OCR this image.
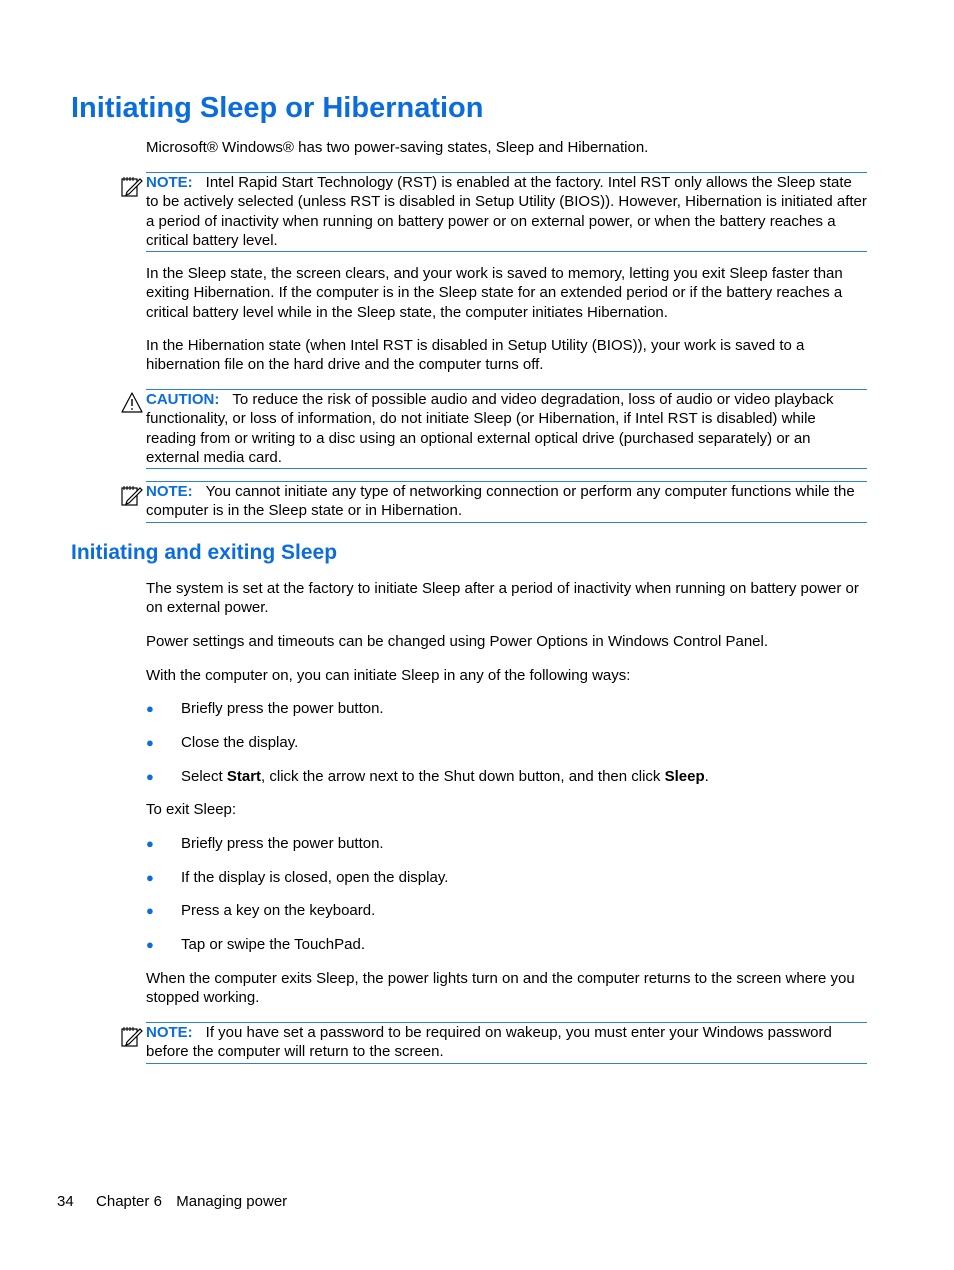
Initiating Sleep or Hibernation

Microsoft® Windows® has two power-saving states, Sleep and Hibernation.

NOTE: Intel Rapid Start Technology (RST) is enabled at the factory. Intel RST only allows the Sleep state to be actively selected (unless RST is disabled in Setup Utility (BIOS)). However, Hibernation is initiated after a period of inactivity when running on battery power or on external power, or when the battery reaches a critical battery level.

In the Sleep state, the screen clears, and your work is saved to memory, letting you exit Sleep faster than exiting Hibernation. If the computer is in the Sleep state for an extended period or if the battery reaches a critical battery level while in the Sleep state, the computer initiates Hibernation.

In the Hibernation state (when Intel RST is disabled in Setup Utility (BIOS)), your work is saved to a hibernation file on the hard drive and the computer turns off.

CAUTION: To reduce the risk of possible audio and video degradation, loss of audio or video playback functionality, or loss of information, do not initiate Sleep (or Hibernation, if Intel RST is disabled) while reading from or writing to a disc using an optional external optical drive (purchased separately) or an external media card.
NOTE: You cannot initiate any type of networking connection or perform any computer functions while the computer is in the Sleep state or in Hibernation.
Initiating and exiting Sleep

The system is set at the factory to initiate Sleep after a period of inactivity when running on battery power or on external power.

Power settings and timeouts can be changed using Power Options in Windows Control Panel.

With the computer on, you can initiate Sleep in any of the following ways:

● Briefly press the power button.
● Close the display.
● Select Start, click the arrow next to the Shut down button, and then click Sleep.

To exit Sleep:

● Briefly press the power button.
● If the display is closed, open the display.
● Press a key on the keyboard.
● Tap or swipe the TouchPad.

When the computer exits Sleep, the power lights turn on and the computer returns to the screen where you stopped working.

NOTE: If you have set a password to be required on wakeup, you must enter your Windows password before the computer will return to the screen.
34 Chapter 6 Managing power
